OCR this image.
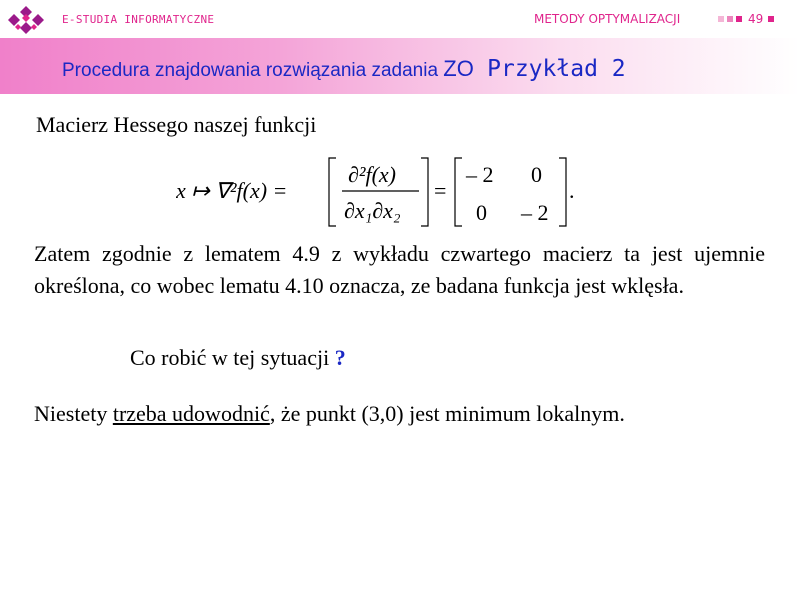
E-STUDIA INFORMATYCZNE	METODY OPTYMALIZACJI	49
Procedura znajdowania rozwiązania zadania ZO Przykład 2
Macierz Hessego naszej funkcji
x ↦ ∇²f(x) =
∂²f(x)
∂x₁∂x₂
=
– 2 0
0 – 2
.
Zatem zgodnie z lematem 4.9 z wykładu czwartego macierz ta jest ujemnie określona, co wobec lematu 4.10 oznacza, ze badana funkcja jest wklęsła.
Co robić w tej sytuacji ?
Niestety trzeba udowodnić, że punkt (3,0) jest minimum lokalnym.
